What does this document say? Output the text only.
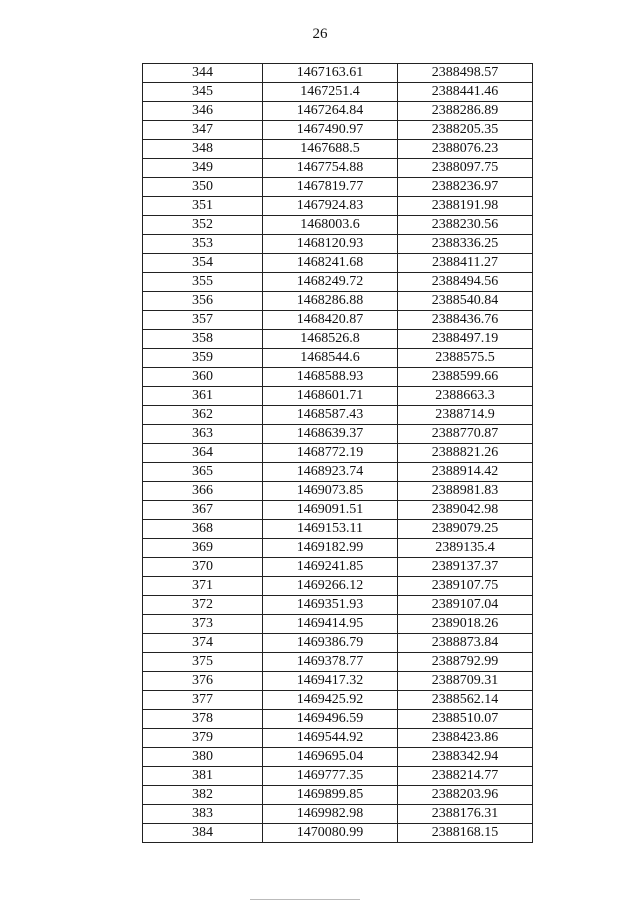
26
344	1467163.61	2388498.57
345	1467251.4	2388441.46
346	1467264.84	2388286.89
347	1467490.97	2388205.35
348	1467688.5	2388076.23
349	1467754.88	2388097.75
350	1467819.77	2388236.97
351	1467924.83	2388191.98
352	1468003.6	2388230.56
353	1468120.93	2388336.25
354	1468241.68	2388411.27
355	1468249.72	2388494.56
356	1468286.88	2388540.84
357	1468420.87	2388436.76
358	1468526.8	2388497.19
359	1468544.6	2388575.5
360	1468588.93	2388599.66
361	1468601.71	2388663.3
362	1468587.43	2388714.9
363	1468639.37	2388770.87
364	1468772.19	2388821.26
365	1468923.74	2388914.42
366	1469073.85	2388981.83
367	1469091.51	2389042.98
368	1469153.11	2389079.25
369	1469182.99	2389135.4
370	1469241.85	2389137.37
371	1469266.12	2389107.75
372	1469351.93	2389107.04
373	1469414.95	2389018.26
374	1469386.79	2388873.84
375	1469378.77	2388792.99
376	1469417.32	2388709.31
377	1469425.92	2388562.14
378	1469496.59	2388510.07
379	1469544.92	2388423.86
380	1469695.04	2388342.94
381	1469777.35	2388214.77
382	1469899.85	2388203.96
383	1469982.98	2388176.31
384	1470080.99	2388168.15
